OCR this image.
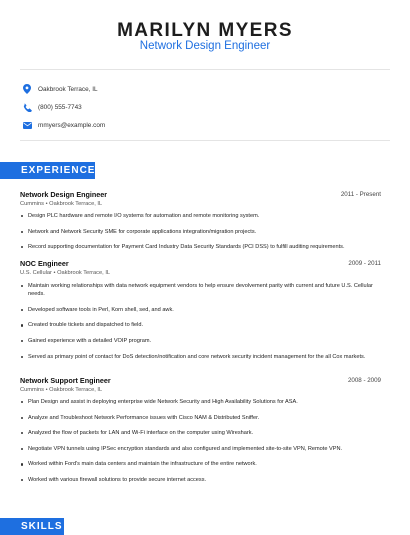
MARILYN MYERS
Network Design Engineer
Oakbrook Terrace, IL
(800) 555-7743
mmyers@example.com
EXPERIENCE
Network Design Engineer	2011 - Present
Cummins • Oakbrook Terrace, IL
Design PLC hardware and remote I/O systems for automation and remote monitoring system.
Network and Network Security SME for corporate applications integration/migration projects.
Record supporting documentation for Payment Card Industry Data Security Standards (PCI DSS) to fulfill auditing requirements.
NOC Engineer	2009 - 2011
U.S. Cellular • Oakbrook Terrace, IL
Maintain working relationships with data network equipment vendors to help ensure devolvement parity with current and future U.S. Cellular needs.
Developed software tools in Perl, Korn shell, sed, and awk.
Created trouble tickets and dispatched to field.
Gained experience with a detailed VOIP program.
Served as primary point of contact for DoS detection/notification and core network security incident management for the all Cox markets.
Network Support Engineer	2008 - 2009
Cummins • Oakbrook Terrace, IL
Plan Design and assist in deploying enterprise wide Network Security and High Availability Solutions for ASA.
Analyze and Troubleshoot Network Performance issues with Cisco NAM & Distributed Sniffer.
Analyzed the flow of packets for LAN and Wi-Fi interface on the computer using Wireshark.
Negotiate VPN tunnels using IPSec encryption standards and also configured and implemented site-to-site VPN, Remote VPN.
Worked within Ford's main data centers and maintain the infrastructure of the entire network.
Worked with various firewall solutions to provide secure internet access.
SKILLS
